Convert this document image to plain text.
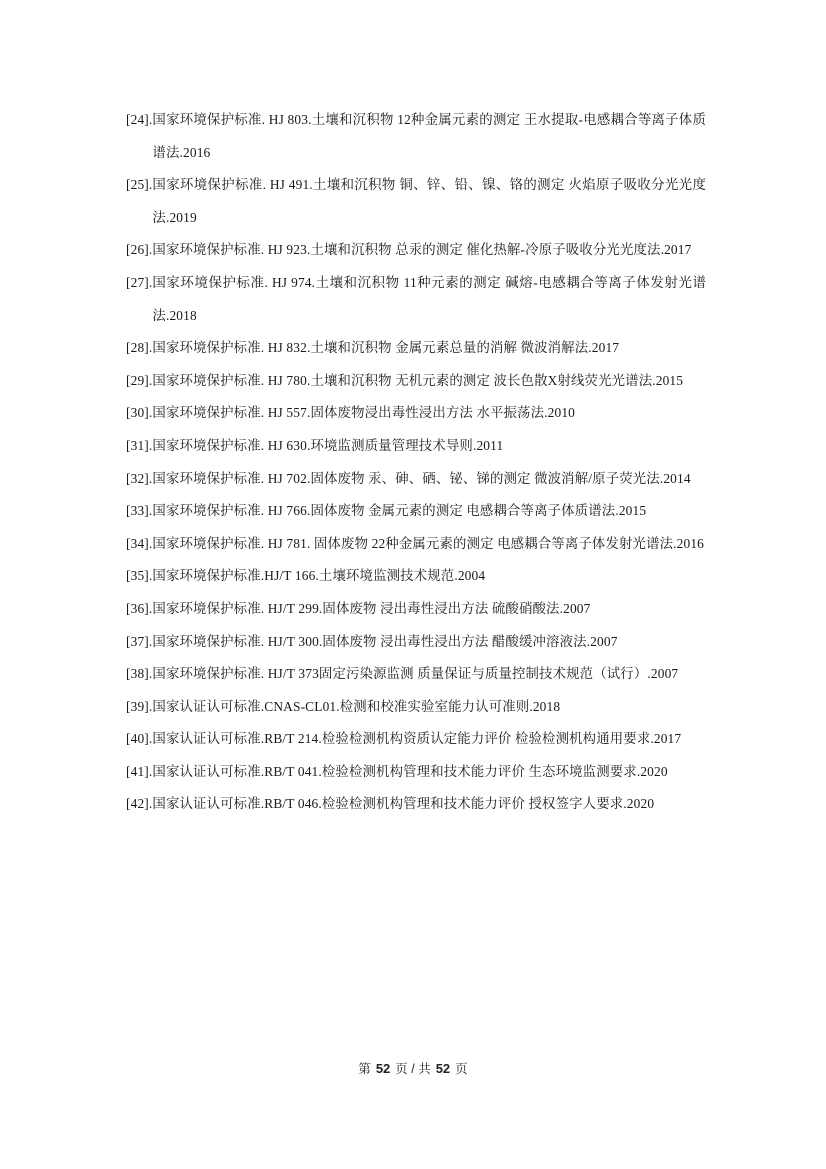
[24]. 国家环境保护标准. HJ 803.土壤和沉积物 12种金属元素的测定 王水提取-电感耦合等离子体质谱法.2016
[25]. 国家环境保护标准. HJ 491.土壤和沉积物 铜、锌、铅、镍、铬的测定 火焰原子吸收分光光度法.2019
[26]. 国家环境保护标准. HJ 923.土壤和沉积物 总汞的测定 催化热解-冷原子吸收分光光度法.2017
[27]. 国家环境保护标准. HJ 974.土壤和沉积物 11种元素的测定 碱熔-电感耦合等离子体发射光谱法.2018
[28]. 国家环境保护标准. HJ 832.土壤和沉积物 金属元素总量的消解 微波消解法.2017
[29]. 国家环境保护标准. HJ 780.土壤和沉积物 无机元素的测定 波长色散X射线荧光光谱法.2015
[30]. 国家环境保护标准. HJ 557.固体废物浸出毒性浸出方法 水平振荡法.2010
[31]. 国家环境保护标准. HJ 630.环境监测质量管理技术导则.2011
[32]. 国家环境保护标准. HJ 702.固体废物 汞、砷、硒、铋、锑的测定 微波消解/原子荧光法.2014
[33]. 国家环境保护标准. HJ 766.固体废物 金属元素的测定 电感耦合等离子体质谱法.2015
[34]. 国家环境保护标准. HJ 781. 固体废物 22种金属元素的测定 电感耦合等离子体发射光谱法.2016
[35]. 国家环境保护标准.HJ/T 166.土壤环境监测技术规范.2004
[36]. 国家环境保护标准. HJ/T 299.固体废物 浸出毒性浸出方法 硫酸硝酸法.2007
[37]. 国家环境保护标准. HJ/T 300.固体废物 浸出毒性浸出方法 醋酸缓冲溶液法.2007
[38]. 国家环境保护标准. HJ/T 373固定污染源监测 质量保证与质量控制技术规范（试行）.2007
[39]. 国家认证认可标准.CNAS-CL01.检测和校准实验室能力认可准则.2018
[40]. 国家认证认可标准.RB/T 214.检验检测机构资质认定能力评价 检验检测机构通用要求.2017
[41]. 国家认证认可标准.RB/T 041.检验检测机构管理和技术能力评价 生态环境监测要求.2020
[42]. 国家认证认可标准.RB/T 046.检验检测机构管理和技术能力评价 授权签字人要求.2020
第 52 页 / 共 52 页
